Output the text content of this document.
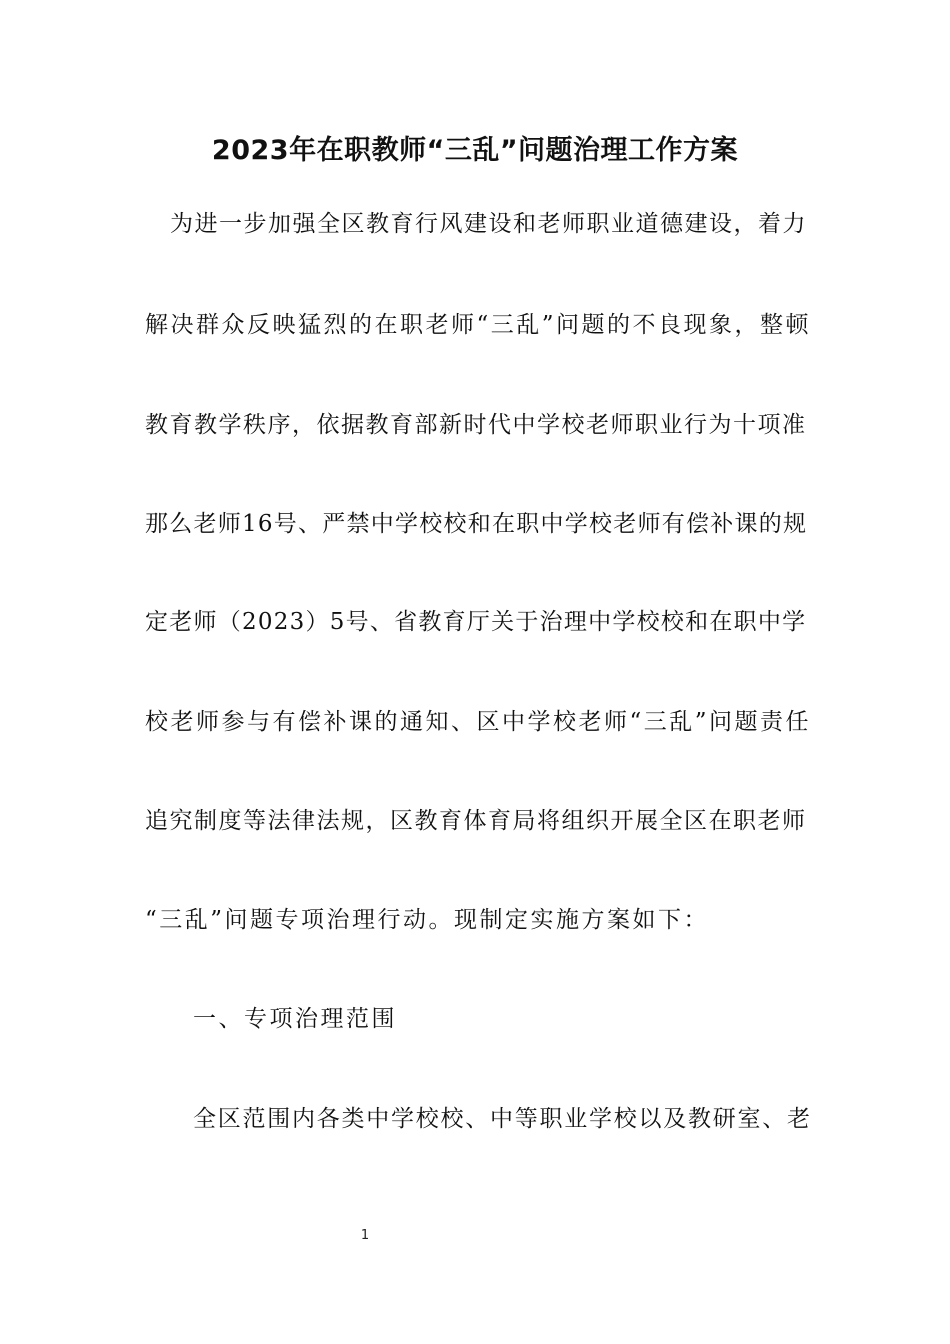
2023年在职教师“三乱”问题治理工作方案
为进一步加强全区教育行风建设和老师职业道德建设，着力
解决群众反映猛烈的在职老师“三乱”问题的不良现象，整顿
教育教学秩序，依据教育部新时代中学校老师职业行为十项准
那么老师16号、严禁中学校校和在职中学校老师有偿补课的规
定老师（2023）5号、省教育厅关于治理中学校校和在职中学
校老师参与有偿补课的通知、区中学校老师“三乱”问题责任
追究制度等法律法规，区教育体育局将组织开展全区在职老师
“三乱”问题专项治理行动。现制定实施方案如下：
一、专项治理范围
全区范围内各类中学校校、中等职业学校以及教研室、老
1
